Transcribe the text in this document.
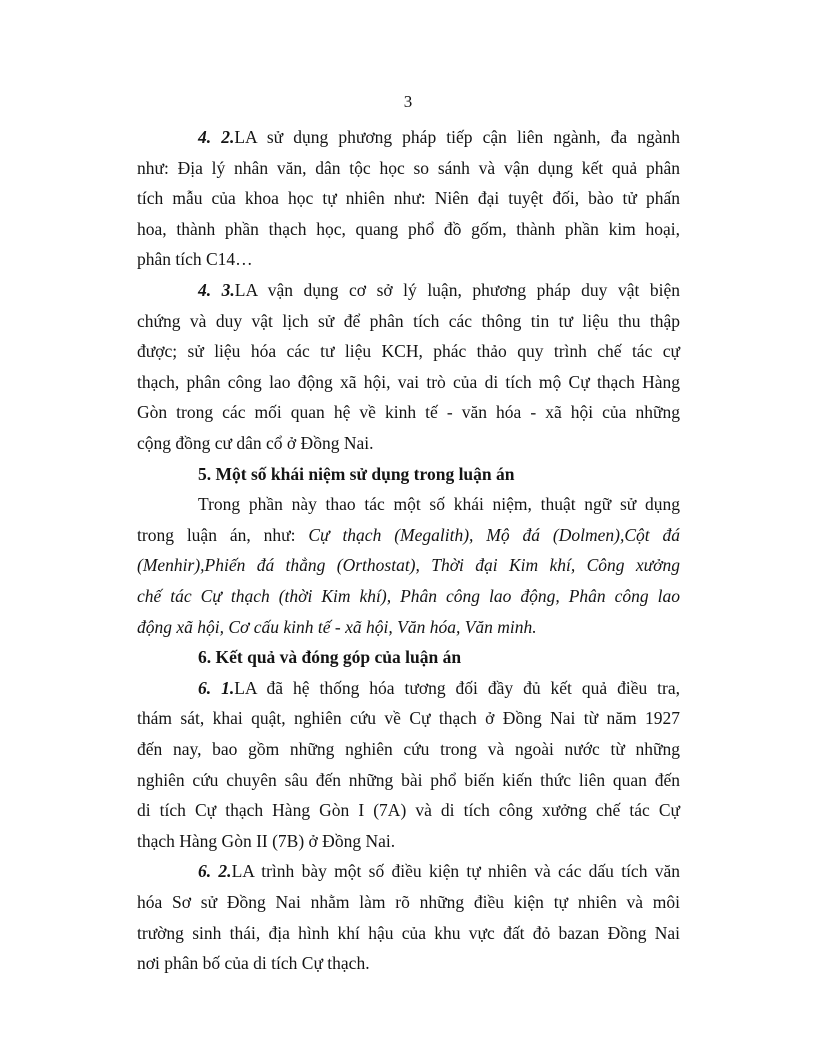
3
4. 2.LA sử dụng phương pháp tiếp cận liên ngành, đa ngành
như: Địa lý nhân văn, dân tộc học so sánh và vận dụng kết quả phân
tích mẫu của khoa học tự nhiên như: Niên đại tuyệt đối, bào tử phấn
hoa, thành phần thạch học, quang phổ đồ gốm, thành phần kim hoại,
phân tích C14…
4. 3.LA vận dụng cơ sở lý luận, phương pháp duy vật biện
chứng và duy vật lịch sử để phân tích các thông tin tư liệu thu thập
được; sử liệu hóa các tư liệu KCH, phác thảo quy trình chế tác cự
thạch, phân công lao động xã hội, vai trò của di tích mộ Cự thạch Hàng
Gòn trong các mối quan hệ về kinh tế - văn hóa - xã hội của những
cộng đồng cư dân cổ ở Đồng Nai.
5. Một số khái niệm sử dụng trong luận án
Trong phần này thao tác một số khái niệm, thuật ngữ sử dụng
trong luận án, như: Cự thạch (Megalith), Mộ đá (Dolmen),Cột đá
(Menhir),Phiến đá thẳng (Orthostat), Thời đại Kim khí, Công xưởng
chế tác Cự thạch (thời Kim khí), Phân công lao động, Phân công lao
động xã hội, Cơ cấu kinh tế - xã hội, Văn hóa, Văn minh.
6. Kết quả và đóng góp của luận án
6. 1.LA đã hệ thống hóa tương đối đầy đủ kết quả điều tra,
thám sát, khai quật, nghiên cứu về Cự thạch ở Đồng Nai từ năm 1927
đến nay, bao gồm những nghiên cứu trong và ngoài nước từ những
nghiên cứu chuyên sâu đến những bài phổ biến kiến thức liên quan đến
di tích Cự thạch Hàng Gòn I (7A) và di tích công xưởng chế tác Cự
thạch Hàng Gòn II (7B) ở Đồng Nai.
6. 2.LA trình bày một số điều kiện tự nhiên và các dấu tích văn
hóa Sơ sử Đồng Nai nhằm làm rõ những điều kiện tự nhiên và môi
trường sinh thái, địa hình khí hậu của khu vực đất đỏ bazan Đồng Nai
nơi phân bố của di tích Cự thạch.
